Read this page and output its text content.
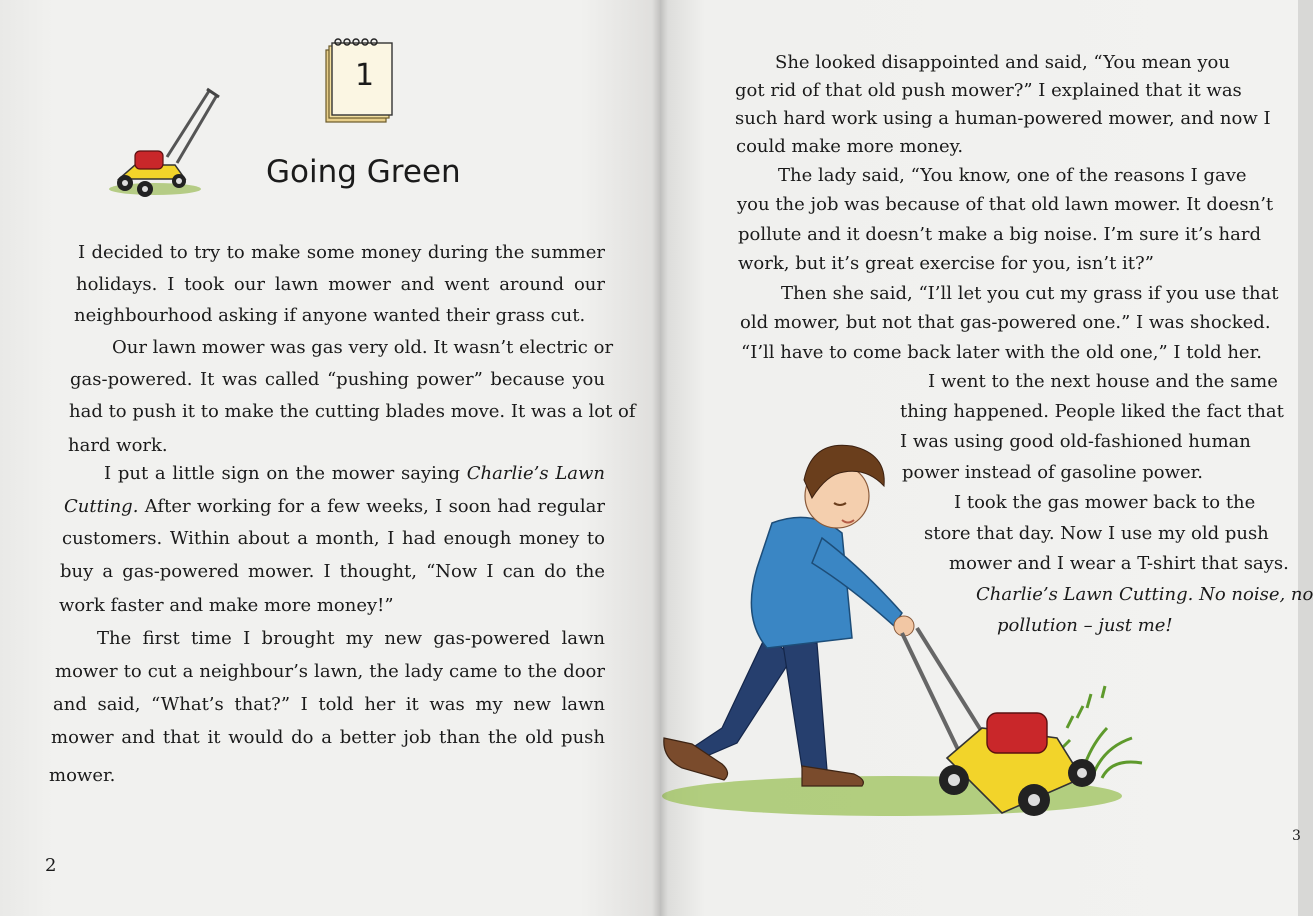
1
Going Green
I decided to try to make some money during the summer
holidays. I took our lawn mower and went around our
neighbourhood asking if anyone wanted their grass cut.
Our lawn mower was gas very old. It wasn’t electric or
gas-powered. It was called “pushing power” because you
had to push it to make the cutting blades move. It was a lot of
hard work.
I put a little sign on the mower saying Charlie’s Lawn
Cutting. After working for a few weeks, I soon had regular
customers. Within about a month, I had enough money to
buy a gas-powered mower. I thought, “Now I can do the
work faster and make more money!”
The first time I brought my new gas-powered lawn
mower to cut a neighbour’s lawn, the lady came to the door
and said, “What’s that?” I told her it was my new lawn
mower and that it would do a better job than the old push
mower.
2
She looked disappointed and said, “You mean you
got rid of that old push mower?” I explained that it was
such hard work using a human-powered mower, and now I
could make more money.
The lady said, “You know, one of the reasons I gave
you the job was because of that old lawn mower. It doesn’t
pollute and it doesn’t make a big noise. I’m sure it’s hard
work, but it’s great exercise for you, isn’t it?”
Then she said, “I’ll let you cut my grass if you use that
old mower, but not that gas-powered one.” I was shocked.
“I’ll have to come back later with the old one,” I told her.
I went to the next house and the same
thing happened. People liked the fact that
I was using good old-fashioned human
power instead of gasoline power.
I took the gas mower back to the
store that day. Now I use my old push
mower and I wear a T-shirt that says.
Charlie’s Lawn Cutting. No noise, no
pollution – just me!
3
